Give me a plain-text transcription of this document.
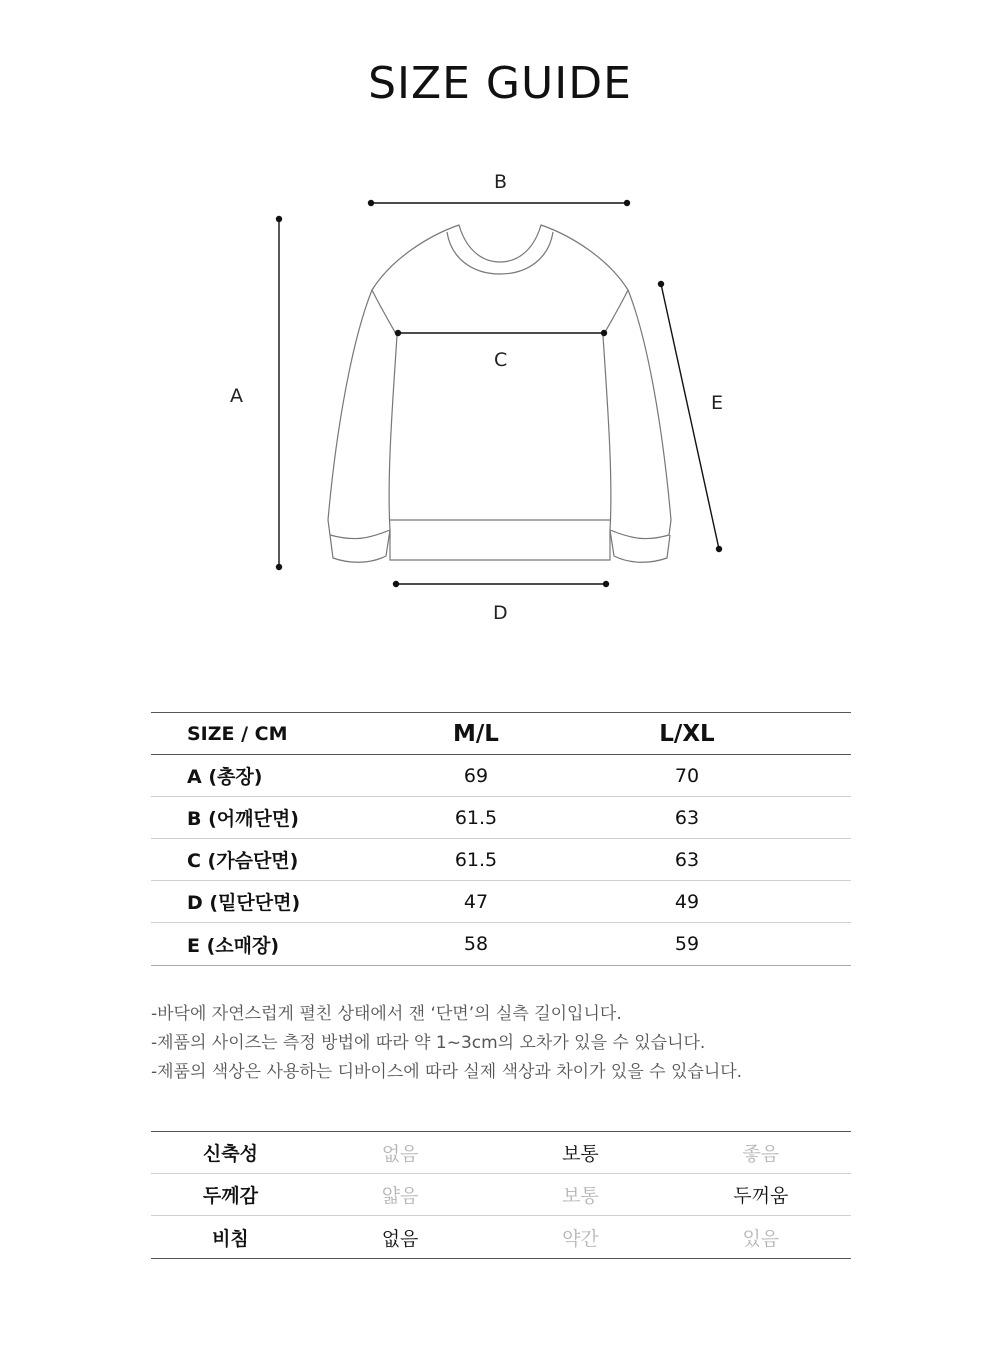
SIZE GUIDE
A
B
C
D
E
SIZE / CM	M/L	L/XL
A (총장)	69	70
B (어깨단면)	61.5	63
C (가슴단면)	61.5	63
D (밑단단면)	47	49
E (소매장)	58	59
-바닥에 자연스럽게 펼친 상태에서 잰 ‘단면’의 실측 길이입니다.
-제품의 사이즈는 측정 방법에 따라 약 1~3cm의 오차가 있을 수 있습니다.
-제품의 색상은 사용하는 디바이스에 따라 실제 색상과 차이가 있을 수 있습니다.
신축성	없음	보통	좋음
두께감	얇음	보통	두꺼움
비침	없음	약간	있음
